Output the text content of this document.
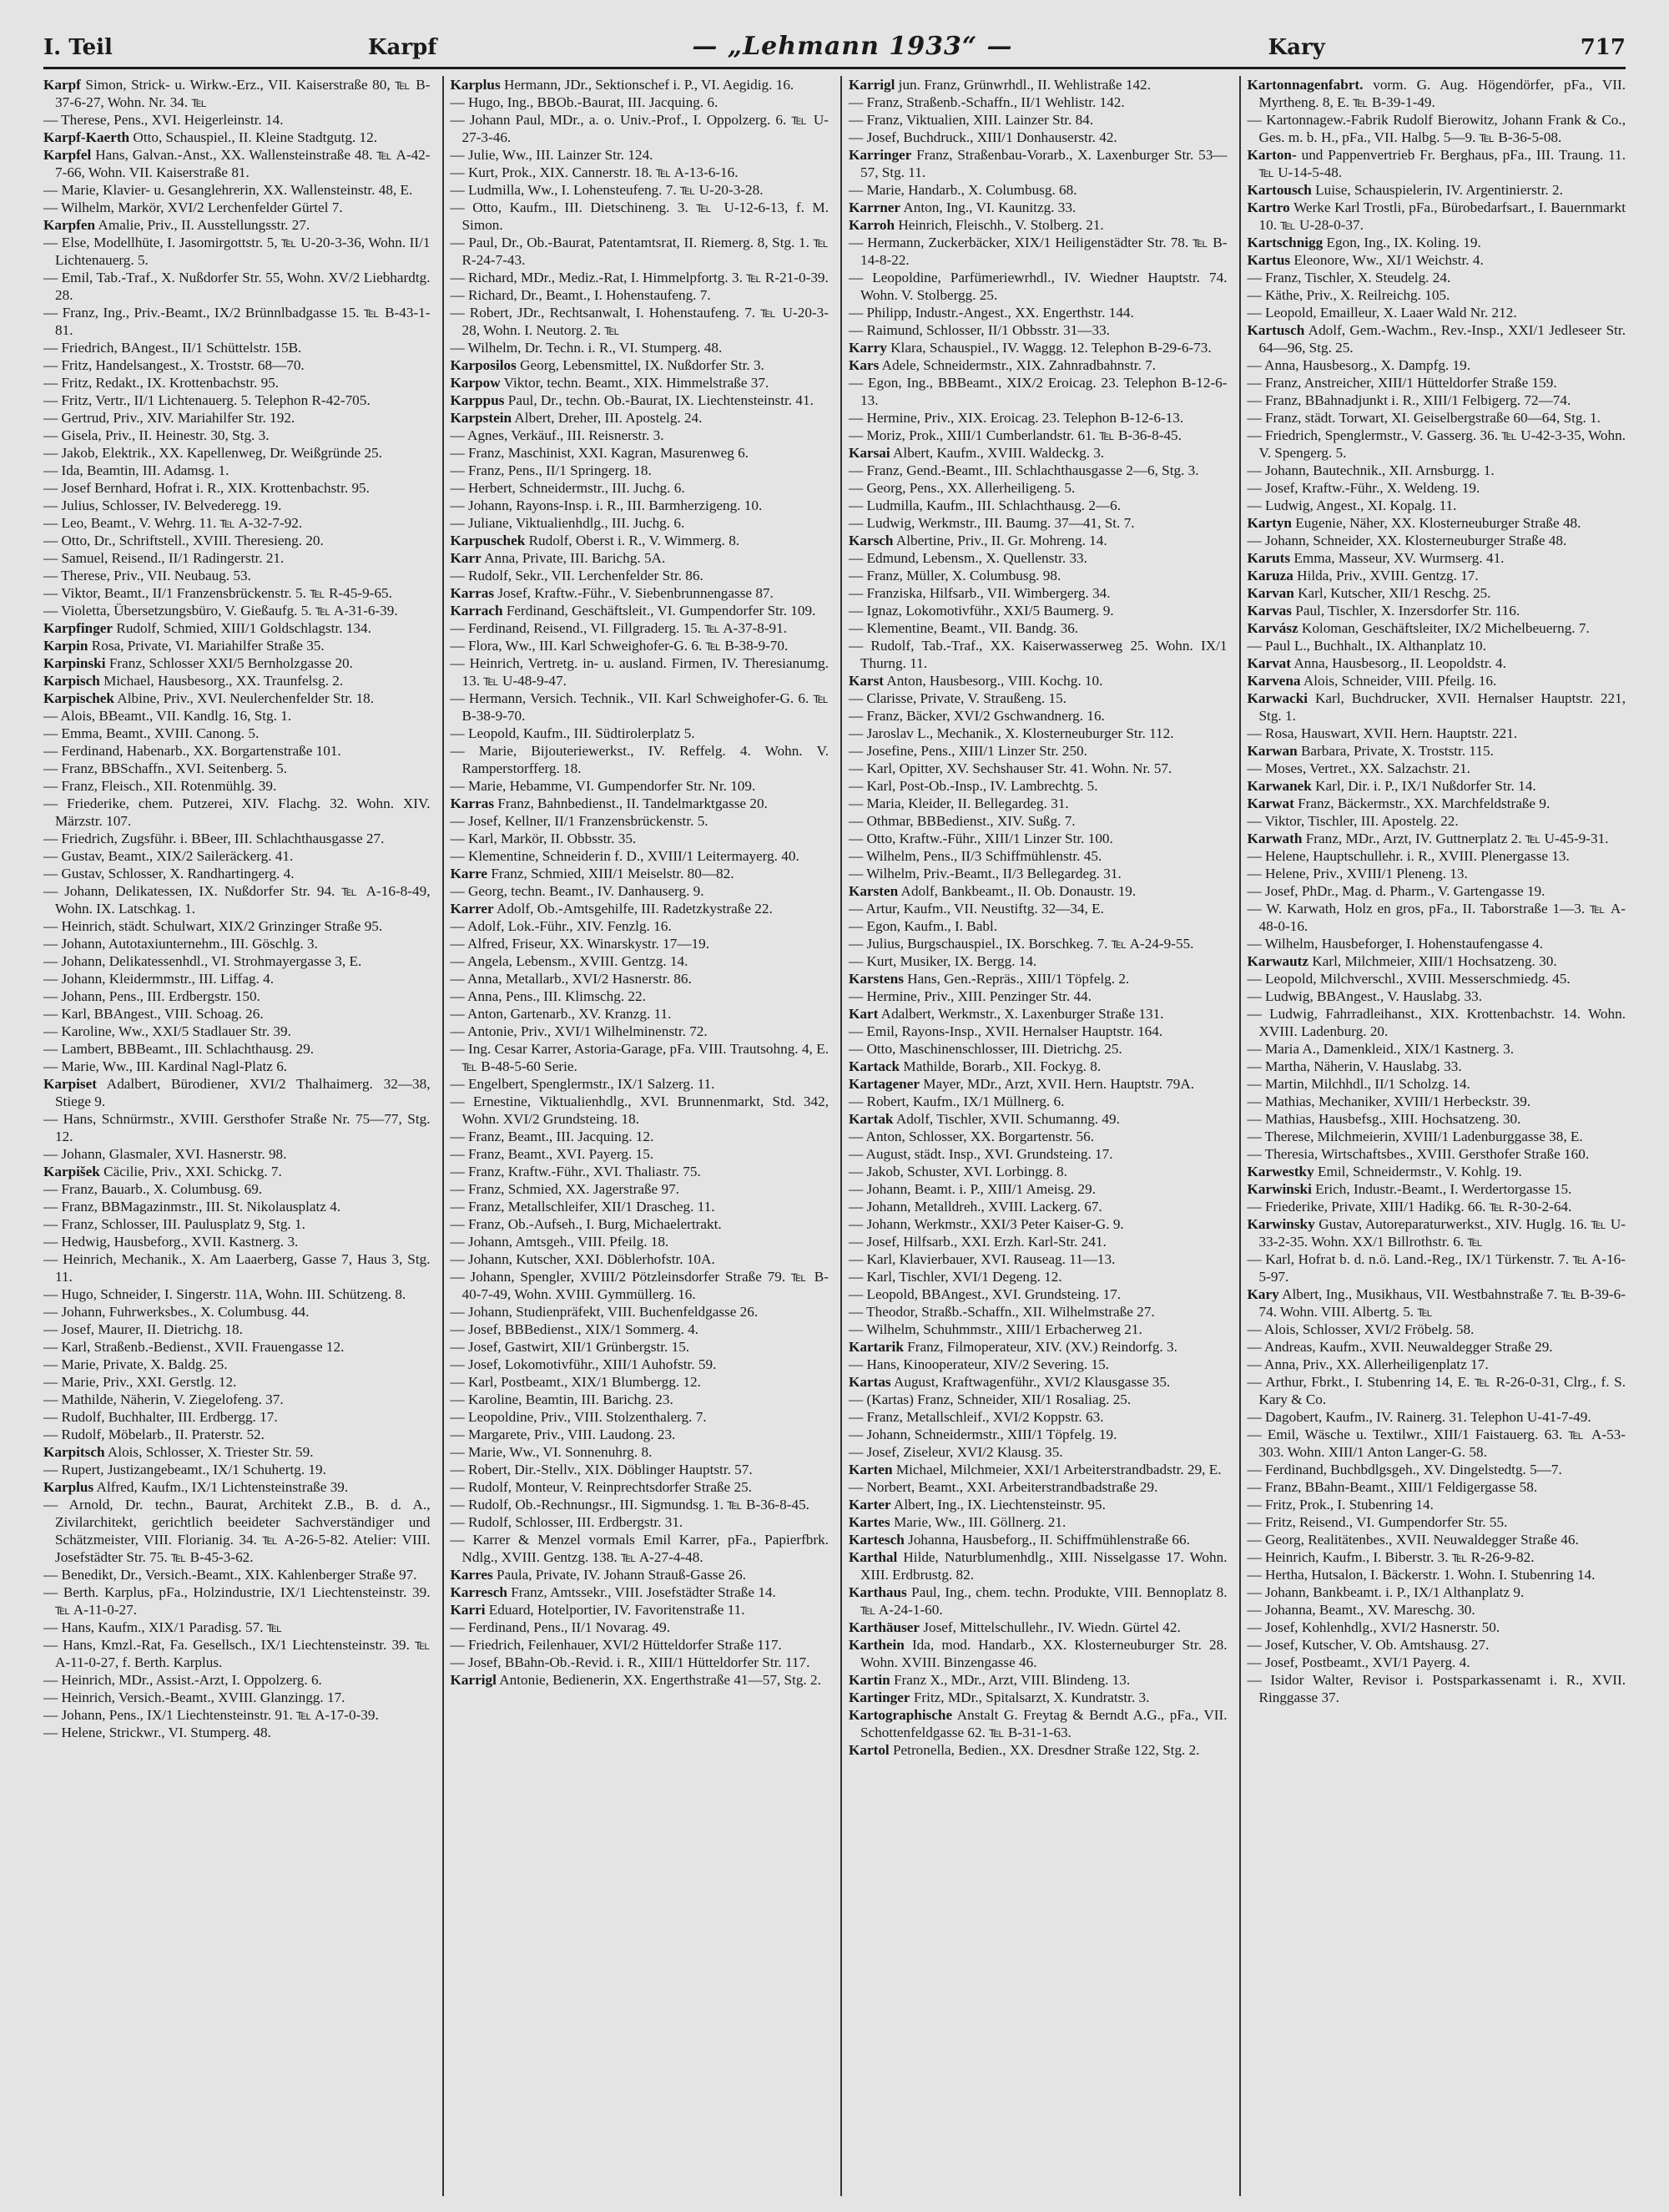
I. Teil	Karpf	— „Lehmann 1933“ —	Kary	717

Karpf Simon, Strick- u. Wirkw.-Erz., VII. Kaiserstraße 80, ℡ B-37-6-27, Wohn. Nr. 34. ℡

— Therese, Pens., XVI. Heigerleinstr. 14.

Karpf-Kaerth Otto, Schauspiel., II. Kleine Stadtgutg. 12.

Karpfel Hans, Galvan.-Anst., XX. Wallensteinstraße 48. ℡ A-42-7-66, Wohn. VII. Kaiserstraße 81.

— Marie, Klavier- u. Gesanglehrerin, XX. Wallensteinstr. 48, E.

— Wilhelm, Markör, XVI/2 Lerchenfelder Gürtel 7.

Karpfen Amalie, Priv., II. Ausstellungsstr. 27.

— Else, Modellhüte, I. Jasomirgottstr. 5, ℡ U-20-3-36, Wohn. II/1 Lichtenauerg. 5.

— Emil, Tab.-Traf., X. Nußdorfer Str. 55, Wohn. XV/2 Liebhardtg. 28.

— Franz, Ing., Priv.-Beamt., IX/2 Brünnlbadgasse 15. ℡ B-43-1-81.

— Friedrich, BAngest., II/1 Schüttelstr. 15B.

— Fritz, Handelsangest., X. Troststr. 68—70.

— Fritz, Redakt., IX. Krottenbachstr. 95.

— Fritz, Vertr., II/1 Lichtenauerg. 5. Telephon R-42-705.

— Gertrud, Priv., XIV. Mariahilfer Str. 192.

— Gisela, Priv., II. Heinestr. 30, Stg. 3.

— Jakob, Elektrik., XX. Kapellenweg, Dr. Weißgründe 25.

— Ida, Beamtin, III. Adamsg. 1.

— Josef Bernhard, Hofrat i. R., XIX. Krottenbachstr. 95.

— Julius, Schlosser, IV. Belvederegg. 19.

— Leo, Beamt., V. Wehrg. 11. ℡ A-32-7-92.

— Otto, Dr., Schriftstell., XVIII. Theresieng. 20.

— Samuel, Reisend., II/1 Radingerstr. 21.

— Therese, Priv., VII. Neubaug. 53.

— Viktor, Beamt., II/1 Franzensbrückenstr. 5. ℡ R-45-9-65.

— Violetta, Übersetzungsbüro, V. Gießaufg. 5. ℡ A-31-6-39.

Karpfinger Rudolf, Schmied, XIII/1 Goldschlagstr. 134.

Karpin Rosa, Private, VI. Mariahilfer Straße 35.

Karpinski Franz, Schlosser XXI/5 Bernholzgasse 20.

Karpisch Michael, Hausbesorg., XX. Traunfelsg. 2.

Karpischek Albine, Priv., XVI. Neulerchenfelder Str. 18.

— Alois, BBeamt., VII. Kandlg. 16, Stg. 1.

— Emma, Beamt., XVIII. Canong. 5.

— Ferdinand, Habenarb., XX. Borgartenstraße 101.

— Franz, BBSchaffn., XVI. Seitenberg. 5.

— Franz, Fleisch., XII. Rotenmühlg. 39.

— Friederike, chem. Putzerei, XIV. Flachg. 32. Wohn. XIV. Märzstr. 107.

— Friedrich, Zugsführ. i. BBeer, III. Schlachthausgasse 27.

— Gustav, Beamt., XIX/2 Saileräckerg. 41.

— Gustav, Schlosser, X. Randhartingerg. 4.

— Johann, Delikatessen, IX. Nußdorfer Str. 94. ℡ A-16-8-49, Wohn. IX. Latschkag. 1.

— Heinrich, städt. Schulwart, XIX/2 Grinzinger Straße 95.

— Johann, Autotaxiunternehm., III. Göschlg. 3.

— Johann, Delikatessenhdl., VI. Strohmayergasse 3, E.

— Johann, Kleidermmstr., III. Liffag. 4.

— Johann, Pens., III. Erdbergstr. 150.

— Karl, BBAngest., VIII. Schoag. 26.

— Karoline, Ww., XXI/5 Stadlauer Str. 39.

— Lambert, BBBeamt., III. Schlachthausg. 29.

— Marie, Ww., III. Kardinal Nagl-Platz 6.

Karpiset Adalbert, Bürodiener, XVI/2 Thalhaimerg. 32—38, Stiege 9.

— Hans, Schnürmstr., XVIII. Gersthofer Straße Nr. 75—77, Stg. 12.

— Johann, Glasmaler, XVI. Hasnerstr. 98.

Karpišek Cäcilie, Priv., XXI. Schickg. 7.

— Franz, Bauarb., X. Columbusg. 69.

— Franz, BBMagazinmstr., III. St. Nikolausplatz 4.

— Franz, Schlosser, III. Paulusplatz 9, Stg. 1.

— Hedwig, Hausbeforg., XVII. Kastnerg. 3.

— Heinrich, Mechanik., X. Am Laaerberg, Gasse 7, Haus 3, Stg. 11.

— Hugo, Schneider, I. Singerstr. 11A, Wohn. III. Schützeng. 8.

— Johann, Fuhrwerksbes., X. Columbusg. 44.

— Josef, Maurer, II. Dietrichg. 18.

— Karl, Straßenb.-Bedienst., XVII. Frauengasse 12.

— Marie, Private, X. Baldg. 25.

— Marie, Priv., XXI. Gerstlg. 12.

— Mathilde, Näherin, V. Ziegelofeng. 37.

— Rudolf, Buchhalter, III. Erdbergg. 17.

— Rudolf, Möbelarb., II. Praterstr. 52.

Karpitsch Alois, Schlosser, X. Triester Str. 59.

— Rupert, Justizangebeamt., IX/1 Schuhertg. 19.

Karplus Alfred, Kaufm., IX/1 Lichtensteinstraße 39.

— Arnold, Dr. techn., Baurat, Architekt Z.B., B. d. A., Zivilarchitekt, gerichtlich beeideter Sachverständiger und Schätzmeister, VIII. Florianig. 34. ℡ A-26-5-82. Atelier: VIII. Josefstädter Str. 75. ℡ B-45-3-62.

— Benedikt, Dr., Versich.-Beamt., XIX. Kahlenberger Straße 97.

— Berth. Karplus, pFa., Holzindustrie, IX/1 Liechtensteinstr. 39. ℡ A-11-0-27.

— Hans, Kaufm., XIX/1 Paradisg. 57. ℡

— Hans, Kmzl.-Rat, Fa. Gesellsch., IX/1 Liechtensteinstr. 39. ℡ A-11-0-27, f. Berth. Karplus.

— Heinrich, MDr., Assist.-Arzt, I. Oppolzerg. 6.

— Heinrich, Versich.-Beamt., XVIII. Glanzingg. 17.

— Johann, Pens., IX/1 Liechtensteinstr. 91. ℡ A-17-0-39.

— Helene, Strickwr., VI. Stumperg. 48.

Karplus Hermann, JDr., Sektionschef i. P., VI. Aegidig. 16.

— Hugo, Ing., BBOb.-Baurat, III. Jacquing. 6.

— Johann Paul, MDr., a. o. Univ.-Prof., I. Oppolzerg. 6. ℡ U-27-3-46.

— Julie, Ww., III. Lainzer Str. 124.

— Kurt, Prok., XIX. Cannerstr. 18. ℡ A-13-6-16.

— Ludmilla, Ww., I. Lohensteufeng. 7. ℡ U-20-3-28.

— Otto, Kaufm., III. Dietschineng. 3. ℡ U-12-6-13, f. M. Simon.

— Paul, Dr., Ob.-Baurat, Patentamtsrat, II. Riemerg. 8, Stg. 1. ℡ R-24-7-43.

— Richard, MDr., Mediz.-Rat, I. Himmelpfortg. 3. ℡ R-21-0-39.

— Richard, Dr., Beamt., I. Hohenstaufeng. 7.

— Robert, JDr., Rechtsanwalt, I. Hohenstaufeng. 7. ℡ U-20-3-28, Wohn. I. Neutorg. 2. ℡

— Wilhelm, Dr. Techn. i. R., VI. Stumperg. 48.

Karposilos Georg, Lebensmittel, IX. Nußdorfer Str. 3.

Karpow Viktor, techn. Beamt., XIX. Himmelstraße 37.

Karppus Paul, Dr., techn. Ob.-Baurat, IX. Liechtensteinstr. 41.

Karpstein Albert, Dreher, III. Apostelg. 24.

— Agnes, Verkäuf., III. Reisnerstr. 3.

— Franz, Maschinist, XXI. Kagran, Masurenweg 6.

— Franz, Pens., II/1 Springerg. 18.

— Herbert, Schneidermstr., III. Juchg. 6.

— Johann, Rayons-Insp. i. R., III. Barmherzigeng. 10.

— Juliane, Viktualienhdlg., III. Juchg. 6.

Karpuschek Rudolf, Oberst i. R., V. Wimmerg. 8.

Karr Anna, Private, III. Barichg. 5A.

— Rudolf, Sekr., VII. Lerchenfelder Str. 86.

Karras Josef, Kraftw.-Führ., V. Siebenbrunnengasse 87.

Karrach Ferdinand, Geschäftsleit., VI. Gumpendorfer Str. 109.

— Ferdinand, Reisend., VI. Fillgraderg. 15. ℡ A-37-8-91.

— Flora, Ww., III. Karl Schweighofer-G. 6. ℡ B-38-9-70.

— Heinrich, Vertretg. in- u. ausland. Firmen, IV. Theresianumg. 13. ℡ U-48-9-47.

— Hermann, Versich. Technik., VII. Karl Schweighofer-G. 6. ℡ B-38-9-70.

— Leopold, Kaufm., III. Südtirolerplatz 5.

— Marie, Bijouteriewerkst., IV. Reffelg. 4. Wohn. V. Ramperstorfferg. 18.

— Marie, Hebamme, VI. Gumpendorfer Str. Nr. 109.

Karras Franz, Bahnbedienst., II. Tandelmarktgasse 20.

— Josef, Kellner, II/1 Franzensbrückenstr. 5.

— Karl, Markör, II. Obbsstr. 35.

— Klementine, Schneiderin f. D., XVIII/1 Leitermayerg. 40.

Karre Franz, Schmied, XIII/1 Meiselstr. 80—82.

— Georg, techn. Beamt., IV. Danhauserg. 9.

Karrer Adolf, Ob.-Amtsgehilfe, III. Radetzkystraße 22.

— Adolf, Lok.-Führ., XIV. Fenzlg. 16.

— Alfred, Friseur, XX. Winarskystr. 17—19.

— Angela, Lebensm., XVIII. Gentzg. 14.

— Anna, Metallarb., XVI/2 Hasnerstr. 86.

— Anna, Pens., III. Klimschg. 22.

— Anton, Gartenarb., XV. Kranzg. 11.

— Antonie, Priv., XVI/1 Wilhelminenstr. 72.

— Ing. Cesar Karrer, Astoria-Garage, pFa. VIII. Trautsohng. 4, E. ℡ B-48-5-60 Serie.

— Engelbert, Spenglermstr., IX/1 Salzerg. 11.

— Ernestine, Viktualienhdlg., XVI. Brunnenmarkt, Std. 342, Wohn. XVI/2 Grundsteing. 18.

— Franz, Beamt., III. Jacquing. 12.

— Franz, Beamt., XVI. Payerg. 15.

— Franz, Kraftw.-Führ., XVI. Thaliastr. 75.

— Franz, Schmied, XX. Jagerstraße 97.

— Franz, Metallschleifer, XII/1 Drascheg. 11.

— Franz, Ob.-Aufseh., I. Burg, Michaelertrakt.

— Johann, Amtsgeh., VIII. Pfeilg. 18.

— Johann, Kutscher, XXI. Döblerhofstr. 10A.

— Johann, Spengler, XVIII/2 Pötzleinsdorfer Straße 79. ℡ B-40-7-49, Wohn. XVIII. Gymmüllerg. 16.

— Johann, Studienpräfekt, VIII. Buchenfeldgasse 26.

— Josef, BBBedienst., XIX/1 Sommerg. 4.

— Josef, Gastwirt, XII/1 Grünbergstr. 15.

— Josef, Lokomotivführ., XIII/1 Auhofstr. 59.

— Karl, Postbeamt., XIX/1 Blumbergg. 12.

— Karoline, Beamtin, III. Barichg. 23.

— Leopoldine, Priv., VIII. Stolzenthalerg. 7.

— Margarete, Priv., VIII. Laudong. 23.

— Marie, Ww., VI. Sonnenuhrg. 8.

— Robert, Dir.-Stellv., XIX. Döblinger Hauptstr. 57.

— Rudolf, Monteur, V. Reinprechtsdorfer Straße 25.

— Rudolf, Ob.-Rechnungsr., III. Sigmundsg. 1. ℡ B-36-8-45.

— Rudolf, Schlosser, III. Erdbergstr. 31.

— Karrer & Menzel vormals Emil Karrer, pFa., Papierfbrk. Ndlg., XVIII. Gentzg. 138. ℡ A-27-4-48.

Karres Paula, Private, IV. Johann Strauß-Gasse 26.

Karresch Franz, Amtssekr., VIII. Josefstädter Straße 14.

Karri Eduard, Hotelportier, IV. Favoritenstraße 11.

— Ferdinand, Pens., II/1 Novarag. 49.

— Friedrich, Feilenhauer, XVI/2 Hütteldorfer Straße 117.

— Josef, BBahn-Ob.-Revid. i. R., XIII/1 Hütteldorfer Str. 117.

Karrigl Antonie, Bedienerin, XX. Engerthstraße 41—57, Stg. 2.

Karrigl jun. Franz, Grünwrhdl., II. Wehlistraße 142.

— Franz, Straßenb.-Schaffn., II/1 Wehlistr. 142.

— Franz, Viktualien, XIII. Lainzer Str. 84.

— Josef, Buchdruck., XIII/1 Donhauserstr. 42.

Karringer Franz, Straßenbau-Vorarb., X. Laxenburger Str. 53—57, Stg. 11.

— Marie, Handarb., X. Columbusg. 68.

Karrner Anton, Ing., VI. Kaunitzg. 33.

Karroh Heinrich, Fleischh., V. Stolberg. 21.

— Hermann, Zuckerbäcker, XIX/1 Heiligenstädter Str. 78. ℡ B-14-8-22.

— Leopoldine, Parfümeriewrhdl., IV. Wiedner Hauptstr. 74. Wohn. V. Stolbergg. 25.

— Philipp, Industr.-Angest., XX. Engerthstr. 144.

— Raimund, Schlosser, II/1 Obbsstr. 31—33.

Karry Klara, Schauspiel., IV. Waggg. 12. Telephon B-29-6-73.

Kars Adele, Schneidermstr., XIX. Zahnradbahnstr. 7.

— Egon, Ing., BBBeamt., XIX/2 Eroicag. 23. Telephon B-12-6-13.

— Hermine, Priv., XIX. Eroicag. 23. Telephon B-12-6-13.

— Moriz, Prok., XIII/1 Cumberlandstr. 61. ℡ B-36-8-45.

Karsai Albert, Kaufm., XVIII. Waldeckg. 3.

— Franz, Gend.-Beamt., III. Schlachthausgasse 2—6, Stg. 3.

— Georg, Pens., XX. Allerheiligeng. 5.

— Ludmilla, Kaufm., III. Schlachthausg. 2—6.

— Ludwig, Werkmstr., III. Baumg. 37—41, St. 7.

Karsch Albertine, Priv., II. Gr. Mohreng. 14.

— Edmund, Lebensm., X. Quellenstr. 33.

— Franz, Müller, X. Columbusg. 98.

— Franziska, Hilfsarb., VII. Wimbergerg. 34.

— Ignaz, Lokomotivführ., XXI/5 Baumerg. 9.

— Klementine, Beamt., VII. Bandg. 36.

— Rudolf, Tab.-Traf., XX. Kaiserwasserweg 25. Wohn. IX/1 Thurng. 11.

Karst Anton, Hausbesorg., VIII. Kochg. 10.

— Clarisse, Private, V. Straußeng. 15.

— Franz, Bäcker, XVI/2 Gschwandnerg. 16.

— Jaroslav L., Mechanik., X. Klosterneuburger Str. 112.

— Josefine, Pens., XIII/1 Linzer Str. 250.

— Karl, Opitter, XV. Sechshauser Str. 41. Wohn. Nr. 57.

— Karl, Post-Ob.-Insp., IV. Lambrechtg. 5.

— Maria, Kleider, II. Bellegardeg. 31.

— Othmar, BBBedienst., XIV. Sußg. 7.

— Otto, Kraftw.-Führ., XIII/1 Linzer Str. 100.

— Wilhelm, Pens., II/3 Schiffmühlenstr. 45.

— Wilhelm, Priv.-Beamt., II/3 Bellegardeg. 31.

Karsten Adolf, Bankbeamt., II. Ob. Donaustr. 19.

— Artur, Kaufm., VII. Neustiftg. 32—34, E.

— Egon, Kaufm., I. Babl.

— Julius, Burgschauspiel., IX. Borschkeg. 7. ℡ A-24-9-55.

— Kurt, Musiker, IX. Bergg. 14.

Karstens Hans, Gen.-Repräs., XIII/1 Töpfelg. 2.

— Hermine, Priv., XIII. Penzinger Str. 44.

Kart Adalbert, Werkmstr., X. Laxenburger Straße 131.

— Emil, Rayons-Insp., XVII. Hernalser Hauptstr. 164.

— Otto, Maschinenschlosser, III. Dietrichg. 25.

Kartack Mathilde, Borarb., XII. Fockyg. 8.

Kartagener Mayer, MDr., Arzt, XVII. Hern. Hauptstr. 79A.

— Robert, Kaufm., IX/1 Müllnerg. 6.

Kartak Adolf, Tischler, XVII. Schumanng. 49.

— Anton, Schlosser, XX. Borgartenstr. 56.

— August, städt. Insp., XVI. Grundsteing. 17.

— Jakob, Schuster, XVI. Lorbingg. 8.

— Johann, Beamt. i. P., XIII/1 Ameisg. 29.

— Johann, Metalldreh., XVIII. Lackerg. 67.

— Johann, Werkmstr., XXI/3 Peter Kaiser-G. 9.

— Josef, Hilfsarb., XXI. Erzh. Karl-Str. 241.

— Karl, Klavierbauer, XVI. Rauseag. 11—13.

— Karl, Tischler, XVI/1 Degeng. 12.

— Leopold, BBAngest., XVI. Grundsteing. 17.

— Theodor, Straßb.-Schaffn., XII. Wilhelmstraße 27.

— Wilhelm, Schuhmmstr., XIII/1 Erbacherweg 21.

Kartarik Franz, Filmoperateur, XIV. (XV.) Reindorfg. 3.

— Hans, Kinooperateur, XIV/2 Severing. 15.

Kartas August, Kraftwagenführ., XVI/2 Klausgasse 35.

— (Kartas) Franz, Schneider, XII/1 Rosaliag. 25.

— Franz, Metallschleif., XVI/2 Koppstr. 63.

— Johann, Schneidermstr., XIII/1 Töpfelg. 19.

— Josef, Ziseleur, XVI/2 Klausg. 35.

Karten Michael, Milchmeier, XXI/1 Arbeiterstrandbadstr. 29, E.

— Norbert, Beamt., XXI. Arbeiterstrandbadstraße 29.

Karter Albert, Ing., IX. Liechtensteinstr. 95.

Kartes Marie, Ww., III. Göllnerg. 21.

Kartesch Johanna, Hausbeforg., II. Schiffmühlenstraße 66.

Karthal Hilde, Naturblumenhdlg., XIII. Nisselgasse 17. Wohn. XIII. Erdbrustg. 82.

Karthaus Paul, Ing., chem. techn. Produkte, VIII. Bennoplatz 8. ℡ A-24-1-60.

Karthäuser Josef, Mittelschullehr., IV. Wiedn. Gürtel 42.

Karthein Ida, mod. Handarb., XX. Klosterneuburger Str. 28. Wohn. XVIII. Binzengasse 46.

Kartin Franz X., MDr., Arzt, VIII. Blindeng. 13.

Kartinger Fritz, MDr., Spitalsarzt, X. Kundratstr. 3.

Kartographische Anstalt G. Freytag & Berndt A.G., pFa., VII. Schottenfeldgasse 62. ℡ B-31-1-63.

Kartol Petronella, Bedien., XX. Dresdner Straße 122, Stg. 2.

Kartonnagenfabrt. vorm. G. Aug. Högendörfer, pFa., VII. Myrtheng. 8, E. ℡ B-39-1-49.

— Kartonnagew.-Fabrik Rudolf Bierowitz, Johann Frank & Co., Ges. m. b. H., pFa., VII. Halbg. 5—9. ℡ B-36-5-08.

Karton- und Pappenvertrieb Fr. Berghaus, pFa., III. Traung. 11. ℡ U-14-5-48.

Kartousch Luise, Schauspielerin, IV. Argentinierstr. 2.

Kartro Werke Karl Trostli, pFa., Bürobedarfsart., I. Bauernmarkt 10. ℡ U-28-0-37.

Kartschnigg Egon, Ing., IX. Koling. 19.

Kartus Eleonore, Ww., XI/1 Weichstr. 4.

— Franz, Tischler, X. Steudelg. 24.

— Käthe, Priv., X. Reilreichg. 105.

— Leopold, Emailleur, X. Laaer Wald Nr. 212.

Kartusch Adolf, Gem.-Wachm., Rev.-Insp., XXI/1 Jedleseer Str. 64—96, Stg. 25.

— Anna, Hausbesorg., X. Dampfg. 19.

— Franz, Anstreicher, XIII/1 Hütteldorfer Straße 159.

— Franz, BBahnadjunkt i. R., XIII/1 Felbigerg. 72—74.

— Franz, städt. Torwart, XI. Geiselbergstraße 60—64, Stg. 1.

— Friedrich, Spenglermstr., V. Gasserg. 36. ℡ U-42-3-35, Wohn. V. Spengerg. 5.

— Johann, Bautechnik., XII. Arnsburgg. 1.

— Josef, Kraftw.-Führ., X. Weldeng. 19.

— Ludwig, Angest., XI. Kopalg. 11.

Kartyn Eugenie, Näher, XX. Klosterneuburger Straße 48.

— Johann, Schneider, XX. Klosterneuburger Straße 48.

Karuts Emma, Masseur, XV. Wurmserg. 41.

Karuza Hilda, Priv., XVIII. Gentzg. 17.

Karvan Karl, Kutscher, XII/1 Reschg. 25.

Karvas Paul, Tischler, X. Inzersdorfer Str. 116.

Karvász Koloman, Geschäftsleiter, IX/2 Michelbeuerng. 7.

— Paul L., Buchhalt., IX. Althanplatz 10.

Karvat Anna, Hausbesorg., II. Leopoldstr. 4.

Karvena Alois, Schneider, VIII. Pfeilg. 16.

Karwacki Karl, Buchdrucker, XVII. Hernalser Hauptstr. 221, Stg. 1.

— Rosa, Hauswart, XVII. Hern. Hauptstr. 221.

Karwan Barbara, Private, X. Troststr. 115.

— Moses, Vertret., XX. Salzachstr. 21.

Karwanek Karl, Dir. i. P., IX/1 Nußdorfer Str. 14.

Karwat Franz, Bäckermstr., XX. Marchfeldstraße 9.

— Viktor, Tischler, III. Apostelg. 22.

Karwath Franz, MDr., Arzt, IV. Guttnerplatz 2. ℡ U-45-9-31.

— Helene, Hauptschullehr. i. R., XVIII. Plenergasse 13.

— Helene, Priv., XVIII/1 Pleneng. 13.

— Josef, PhDr., Mag. d. Pharm., V. Gartengasse 19.

— W. Karwath, Holz en gros, pFa., II. Taborstraße 1—3. ℡ A-48-0-16.

— Wilhelm, Hausbeforger, I. Hohenstaufengasse 4.

Karwautz Karl, Milchmeier, XIII/1 Hochsatzeng. 30.

— Leopold, Milchverschl., XVIII. Messerschmiedg. 45.

— Ludwig, BBAngest., V. Hauslabg. 33.

— Ludwig, Fahrradleihanst., XIX. Krottenbachstr. 14. Wohn. XVIII. Ladenburg. 20.

— Maria A., Damenkleid., XIX/1 Kastnerg. 3.

— Martha, Näherin, V. Hauslabg. 33.

— Martin, Milchhdl., II/1 Scholzg. 14.

— Mathias, Mechaniker, XVIII/1 Herbeckstr. 39.

— Mathias, Hausbefsg., XIII. Hochsatzeng. 30.

— Therese, Milchmeierin, XVIII/1 Ladenburggasse 38, E.

— Theresia, Wirtschaftsbes., XVIII. Gersthofer Straße 160.

Karwestky Emil, Schneidermstr., V. Kohlg. 19.

Karwinski Erich, Industr.-Beamt., I. Werdertorgasse 15.

— Friederike, Private, XIII/1 Hadikg. 66. ℡ R-30-2-64.

Karwinsky Gustav, Autoreparaturwerkst., XIV. Huglg. 16. ℡ U-33-2-35. Wohn. XX/1 Billrothstr. 6. ℡

— Karl, Hofrat b. d. n.ö. Land.-Reg., IX/1 Türkenstr. 7. ℡ A-16-5-97.

Kary Albert, Ing., Musikhaus, VII. Westbahnstraße 7. ℡ B-39-6-74. Wohn. VIII. Albertg. 5. ℡

— Alois, Schlosser, XVI/2 Fröbelg. 58.

— Andreas, Kaufm., XVII. Neuwaldegger Straße 29.

— Anna, Priv., XX. Allerheiligenplatz 17.

— Arthur, Fbrkt., I. Stubenring 14, E. ℡ R-26-0-31, Clrg., f. S. Kary & Co.

— Dagobert, Kaufm., IV. Rainerg. 31. Telephon U-41-7-49.

— Emil, Wäsche u. Textilwr., XIII/1 Faistauerg. 63. ℡ A-53-303. Wohn. XIII/1 Anton Langer-G. 58.

— Ferdinand, Buchbdlgsgeh., XV. Dingelstedtg. 5—7.

— Franz, BBahn-Beamt., XIII/1 Feldigergasse 58.

— Fritz, Prok., I. Stubenring 14.

— Fritz, Reisend., VI. Gumpendorfer Str. 55.

— Georg, Realitätenbes., XVII. Neuwaldegger Straße 46.

— Heinrich, Kaufm., I. Biberstr. 3. ℡ R-26-9-82.

— Hertha, Hutsalon, I. Bäckerstr. 1. Wohn. I. Stubenring 14.

— Johann, Bankbeamt. i. P., IX/1 Althanplatz 9.

— Johanna, Beamt., XV. Mareschg. 30.

— Josef, Kohlenhdlg., XVI/2 Hasnerstr. 50.

— Josef, Kutscher, V. Ob. Amtshausg. 27.

— Josef, Postbeamt., XVI/1 Payerg. 4.

— Isidor Walter, Revisor i. Postsparkassenamt i. R., XVII. Ringgasse 37.
